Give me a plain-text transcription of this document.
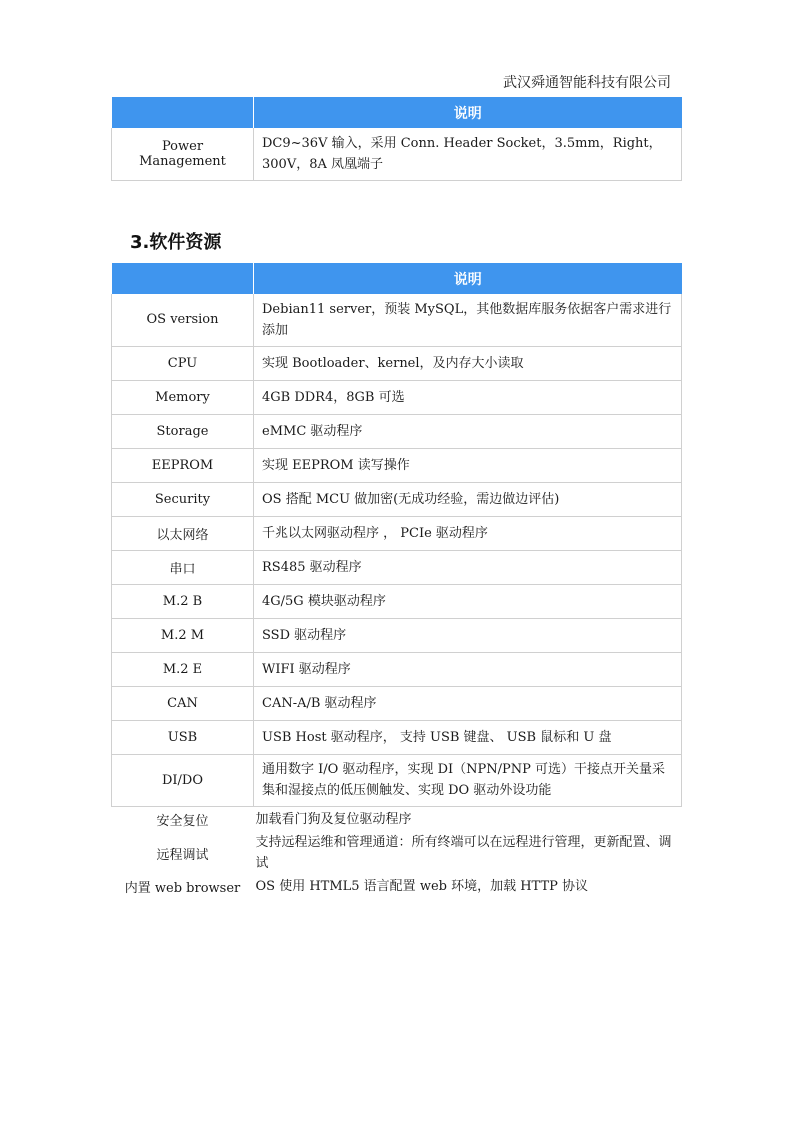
武汉舜通智能科技有限公司
	说明
Power Management	DC9~36V 输入，采用 Conn. Header Socket，3.5mm，Right，300V，8A 凤凰端子
3.软件资源
	说明
OS version	Debian11 server，预装 MySQL，其他数据库服务依据客户需求进行添加
CPU	实现 Bootloader、kernel，及内存大小读取
Memory	4GB DDR4，8GB 可选
Storage	eMMC 驱动程序
EEPROM	实现 EEPROM 读写操作
Security	OS 搭配 MCU 做加密(无成功经验，需边做边评估)
以太网络	千兆以太网驱动程序 ， PCIe 驱动程序
串口	RS485 驱动程序
M.2 B	4G/5G 模块驱动程序
M.2 M	SSD 驱动程序
M.2 E	WIFI 驱动程序
CAN	CAN-A/B 驱动程序
USB	USB Host 驱动程序， 支持 USB 键盘、 USB 鼠标和 U 盘
DI/DO	通用数字 I/O 驱动程序，实现 DI（NPN/PNP 可选）干接点开关量采集和湿接点的低压侧触发、实现 DO 驱动外设功能
安全复位	加载看门狗及复位驱动程序
远程调试	支持远程运维和管理通道：所有终端可以在远程进行管理，更新配置、调试
内置 web browser	OS 使用 HTML5 语言配置 web 环境，加载 HTTP 协议
